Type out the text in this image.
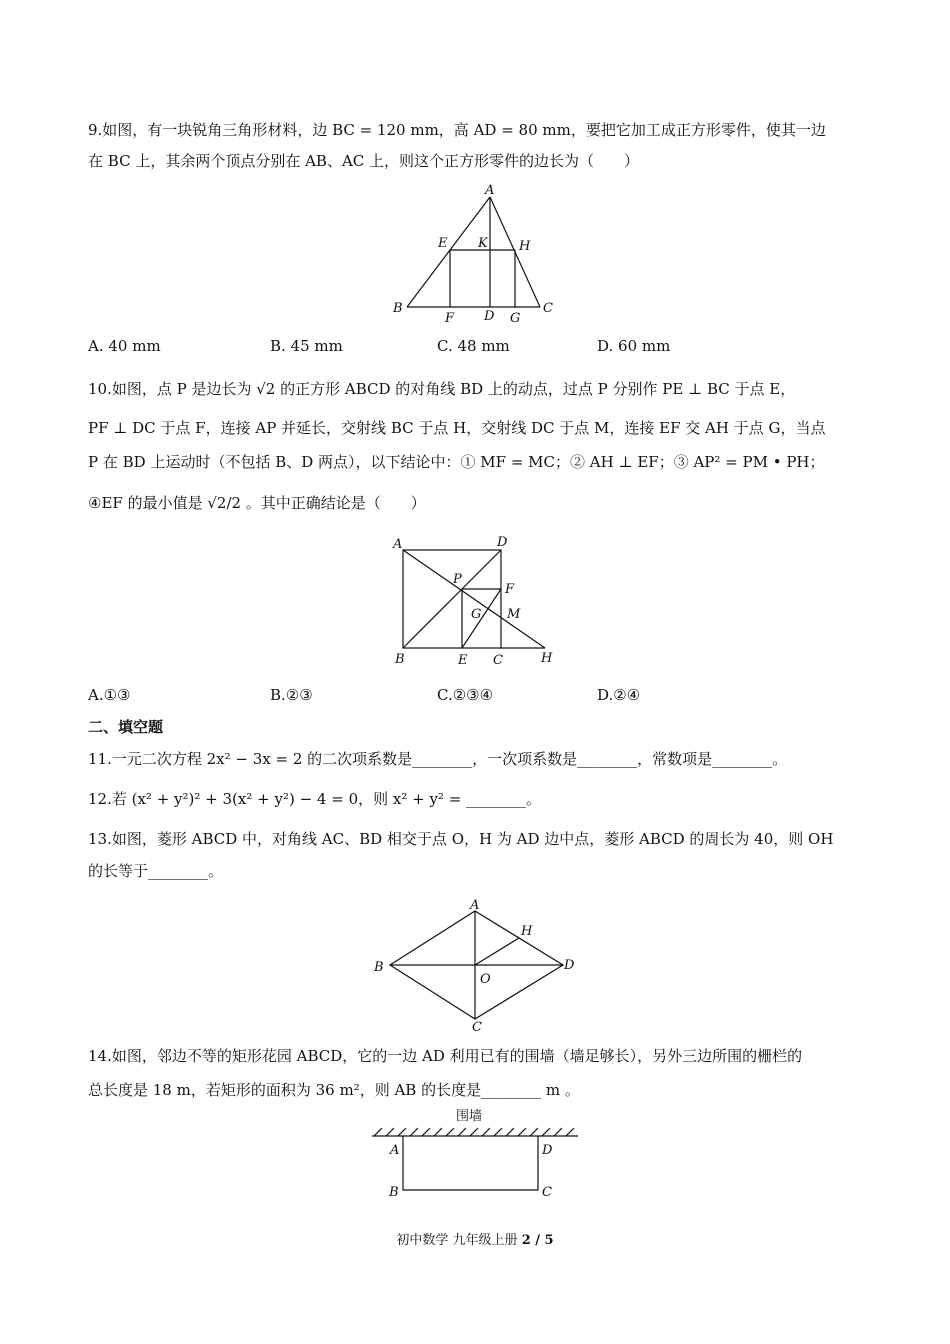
9.如图，有一块锐角三角形材料，边 BC = 120 mm，高 AD = 80 mm，要把它加工成正方形零件，使其一边
在 BC 上，其余两个顶点分别在 AB、AC 上，则这个正方形零件的边长为（　　）
A
E K H
B
F D G
C
A. 40 mm	B. 45 mm	C. 48 mm	D. 60 mm
10.如图，点 P 是边长为 √2 的正方形 ABCD 的对角线 BD 上的动点，过点 P 分别作 PE ⊥ BC 于点 E，
PF ⊥ DC 于点 F，连接 AP 并延长，交射线 BC 于点 H，交射线 DC 于点 M，连接 EF 交 AH 于点 G，当点
P 在 BD 上运动时（不包括 B、D 两点），以下结论中：① MF = MC；② AH ⊥ EF；③ AP² = PM • PH；
④EF 的最小值是 √2/2 。其中正确结论是（　　）
A	D
P
F
G M
B	E C	H
A.①③	B.②③	C.②③④	D.②④
二、填空题
11.一元二次方程 2x² − 3x = 2 的二次项系数是________，一次项系数是________，常数项是________。
12.若 (x² + y²)² + 3(x² + y²) − 4 = 0，则 x² + y² = ________。
13.如图，菱形 ABCD 中，对角线 AC、BD 相交于点 O，H 为 AD 边中点，菱形 ABCD 的周长为 40，则 OH
的长等于________。
A
H
B
O
D
C
14.如图，邻边不等的矩形花园 ABCD，它的一边 AD 利用已有的围墙（墙足够长），另外三边所围的栅栏的
总长度是 18 m，若矩形的面积为 36 m²，则 AB 的长度是________ m 。
围墙
A	D
B	C
初中数学 九年级上册 2 / 5
